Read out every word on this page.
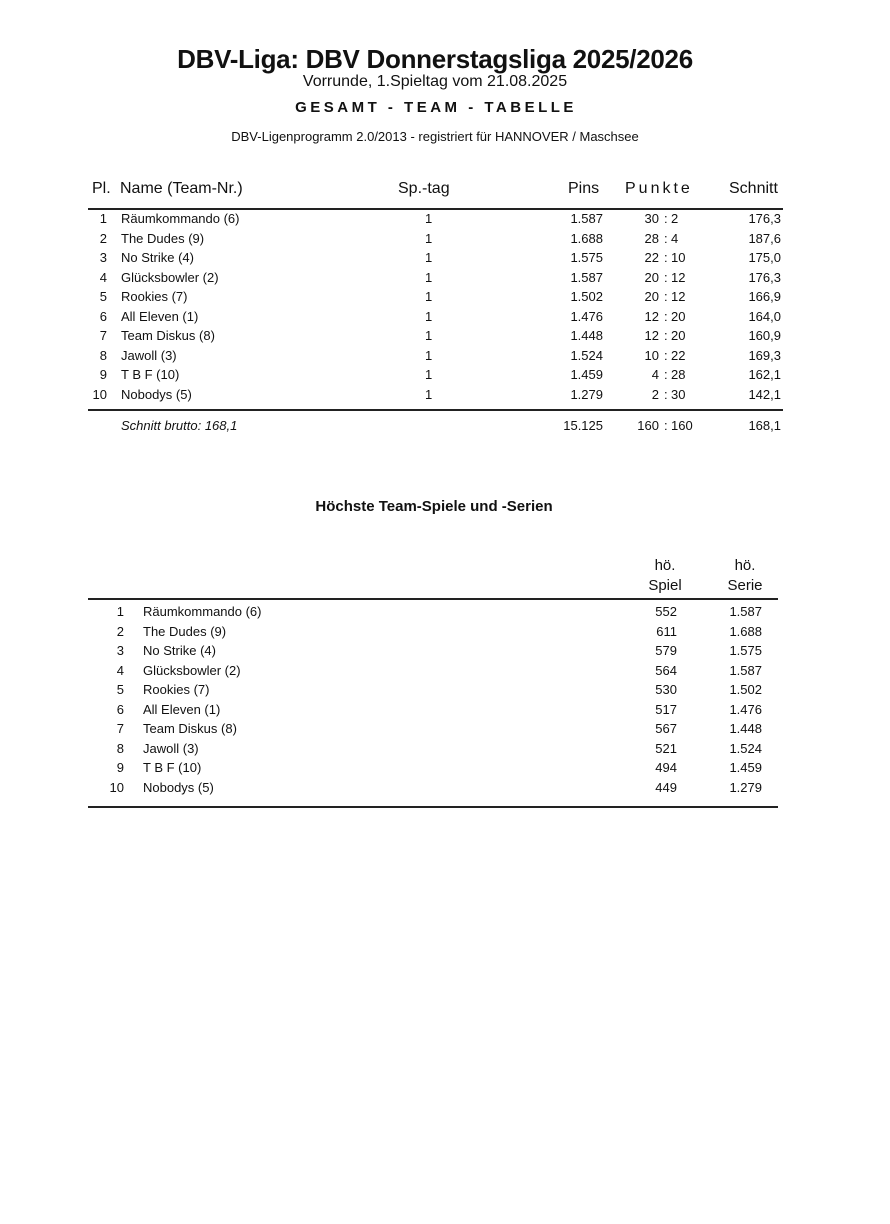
DBV-Liga: DBV Donnerstagsliga 2025/2026
Vorrunde, 1.Spieltag vom 21.08.2025
GESAMT - TEAM - TABELLE
DBV-Ligenprogramm 2.0/2013 - registriert für HANNOVER / Maschsee
Pl. Name (Team-Nr.)	Sp.-tag	Pins Punkte Schnitt
1 Räumkommando (6)	1	1.587	30 : 2	176,3
2 The Dudes (9)	1	1.688	28 : 4	187,6
3 No Strike (4)	1	1.575	22 : 10	175,0
4 Glücksbowler (2)	1	1.587	20 : 12	176,3
5 Rookies (7)	1	1.502	20 : 12	166,9
6 All Eleven (1)	1	1.476	12 : 20	164,0
7 Team Diskus (8)	1	1.448	12 : 20	160,9
8 Jawoll (3)	1	1.524	10 : 22	169,3
9 T B F (10)	1	1.459	4 : 28	162,1
10 Nobodys (5)	1	1.279	2 : 30	142,1
Schnitt brutto: 168,1	15.125	160 : 160	168,1
Höchste Team-Spiele und -Serien
hö.
Spiel
hö.
Serie
1 Räumkommando (6)	552	1.587
2 The Dudes (9)	611	1.688
3 No Strike (4)	579	1.575
4 Glücksbowler (2)	564	1.587
5 Rookies (7)	530	1.502
6 All Eleven (1)	517	1.476
7 Team Diskus (8)	567	1.448
8 Jawoll (3)	521	1.524
9 T B F (10)	494	1.459
10 Nobodys (5)	449	1.279
